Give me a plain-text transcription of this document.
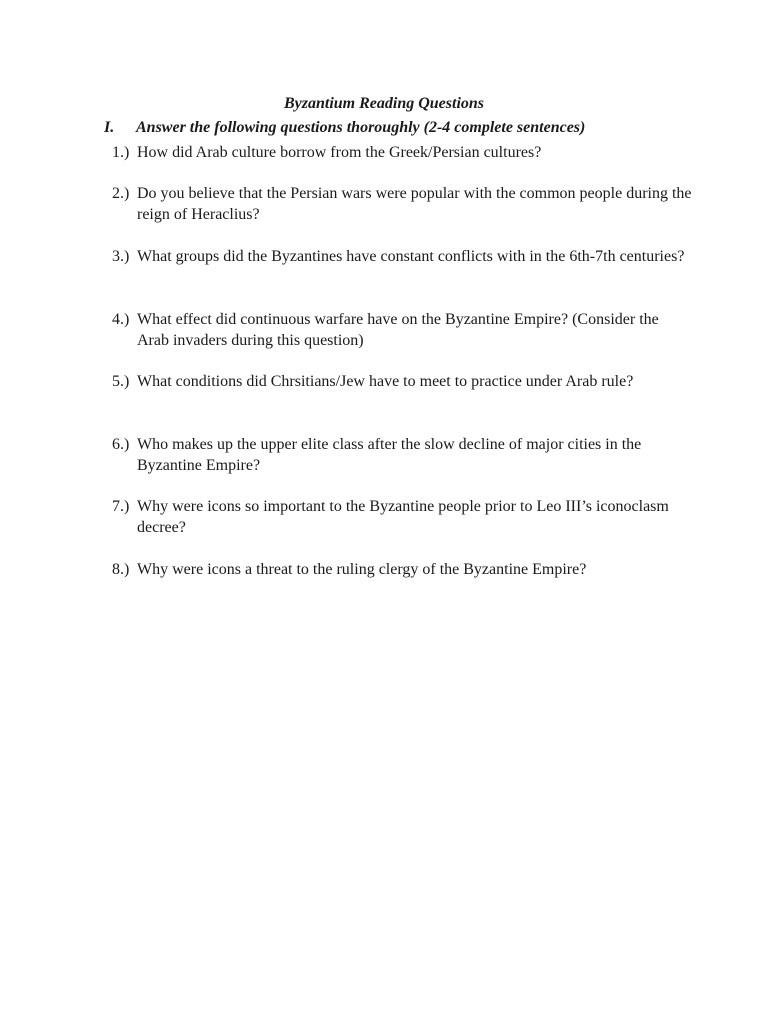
Byzantium Reading Questions
I. Answer the following questions thoroughly (2-4 complete sentences)
1.) How did Arab culture borrow from the Greek/Persian cultures?
2.) Do you believe that the Persian wars were popular with the common people during the reign of Heraclius?
3.) What groups did the Byzantines have constant conflicts with in the 6th-7th centuries?
4.) What effect did continuous warfare have on the Byzantine Empire? (Consider the Arab invaders during this question)
5.) What conditions did Chrsitians/Jew have to meet to practice under Arab rule?
6.) Who makes up the upper elite class after the slow decline of major cities in the Byzantine Empire?
7.) Why were icons so important to the Byzantine people prior to Leo III’s iconoclasm decree?
8.) Why were icons a threat to the ruling clergy of the Byzantine Empire?
